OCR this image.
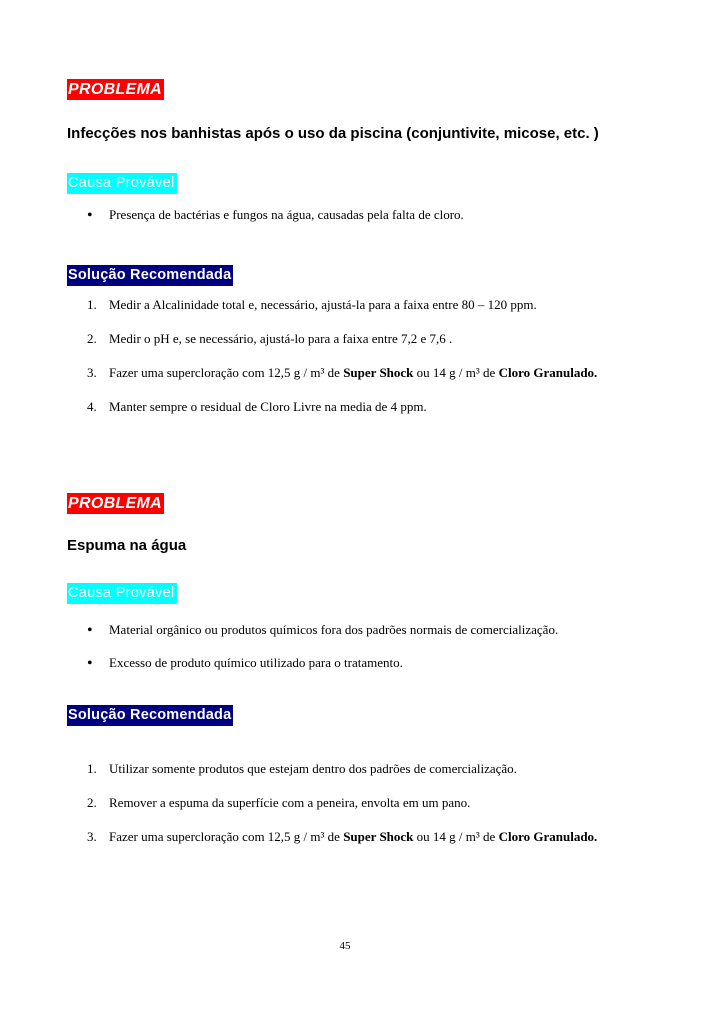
PROBLEMA
Infecções nos banhistas após o uso da piscina (conjuntivite, micose, etc. )
Causa Provável
• Presença de bactérias e fungos na água, causadas pela falta de cloro.
Solução Recomendada
1. Medir a Alcalinidade total e, necessário, ajustá-la para a faixa entre 80 – 120 ppm.
2. Medir o pH e, se necessário, ajustá-lo para a faixa entre 7,2 e 7,6 .
3. Fazer uma supercloração com 12,5 g / m³ de Super Shock ou 14 g / m³ de Cloro Granulado.
4. Manter sempre o residual de Cloro Livre na media de 4 ppm.
PROBLEMA
Espuma na água
Causa Provável
• Material orgânico ou produtos químicos fora dos padrões normais de comercialização.
• Excesso de produto químico utilizado para o tratamento.
Solução Recomendada
1. Utilizar somente produtos que estejam dentro dos padrões de comercialização.
2. Remover a espuma da superfície com a peneira, envolta em um pano.
3. Fazer uma supercloração com 12,5 g / m³ de Super Shock ou 14 g / m³ de Cloro Granulado.
45
